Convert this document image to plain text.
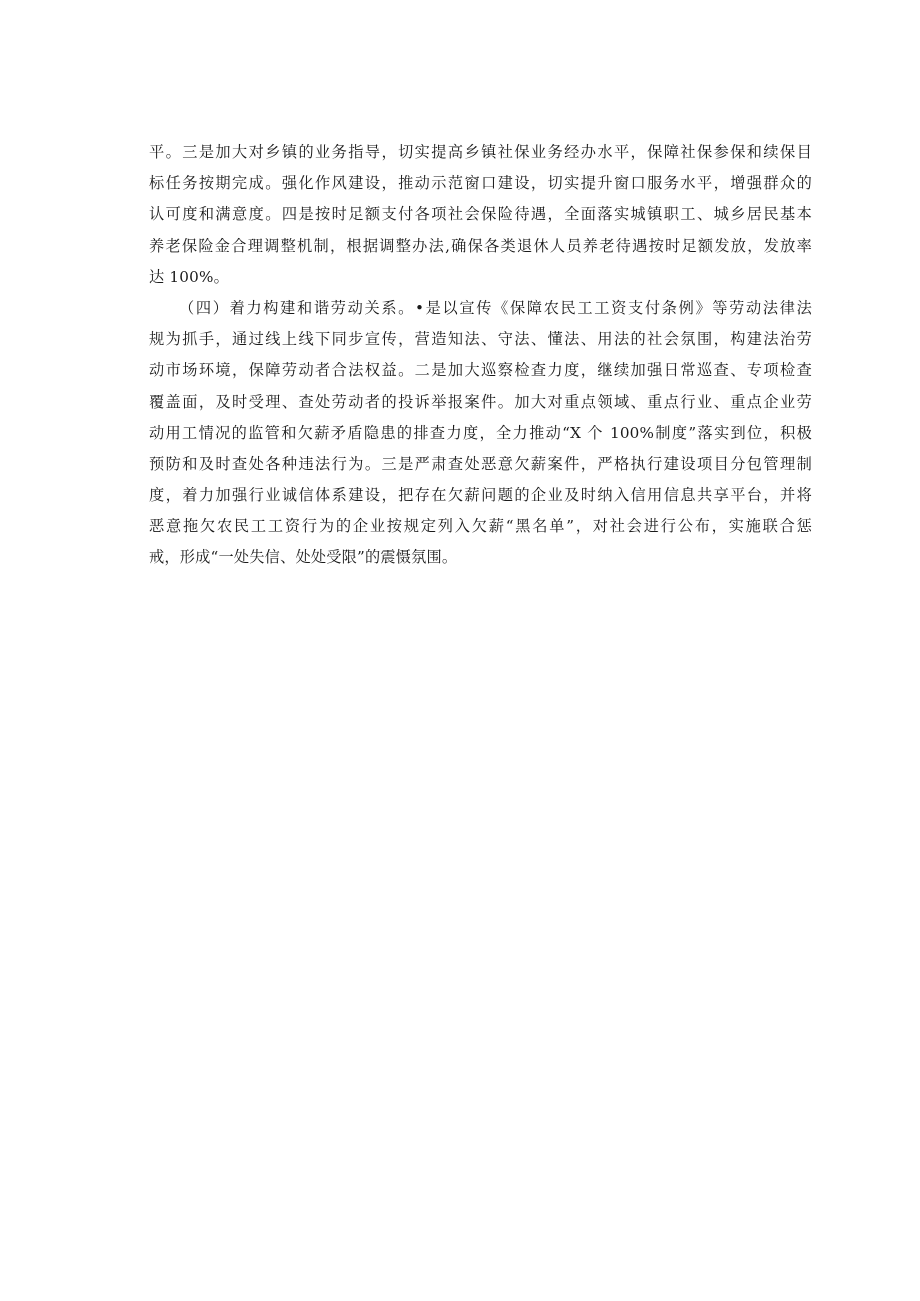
平。三是加大对乡镇的业务指导，切实提高乡镇社保业务经办水平，保障社保参保和续保目
标任务按期完成。强化作风建设，推动示范窗口建设，切实提升窗口服务水平，增强群众的
认可度和满意度。四是按时足额支付各项社会保险待遇，全面落实城镇职工、城乡居民基本
养老保险金合理调整机制，根据调整办法,确保各类退休人员养老待遇按时足额发放，发放率
达 100%。
（四）着力构建和谐劳动关系。•是以宣传《保障农民工工资支付条例》等劳动法律法
规为抓手，通过线上线下同步宣传，营造知法、守法、懂法、用法的社会氛围，构建法治劳
动市场环境，保障劳动者合法权益。二是加大巡察检查力度，继续加强日常巡查、专项检查
覆盖面，及时受理、查处劳动者的投诉举报案件。加大对重点领域、重点行业、重点企业劳
动用工情况的监管和欠薪矛盾隐患的排查力度，全力推动“X 个 100%制度”落实到位，积极
预防和及时查处各种违法行为。三是严肃查处恶意欠薪案件，严格执行建设项目分包管理制
度，着力加强行业诚信体系建设，把存在欠薪问题的企业及时纳入信用信息共享平台，并将
恶意拖欠农民工工资行为的企业按规定列入欠薪“黑名单”，对社会进行公布，实施联合惩
戒，形成“一处失信、处处受限”的震慑氛围。
